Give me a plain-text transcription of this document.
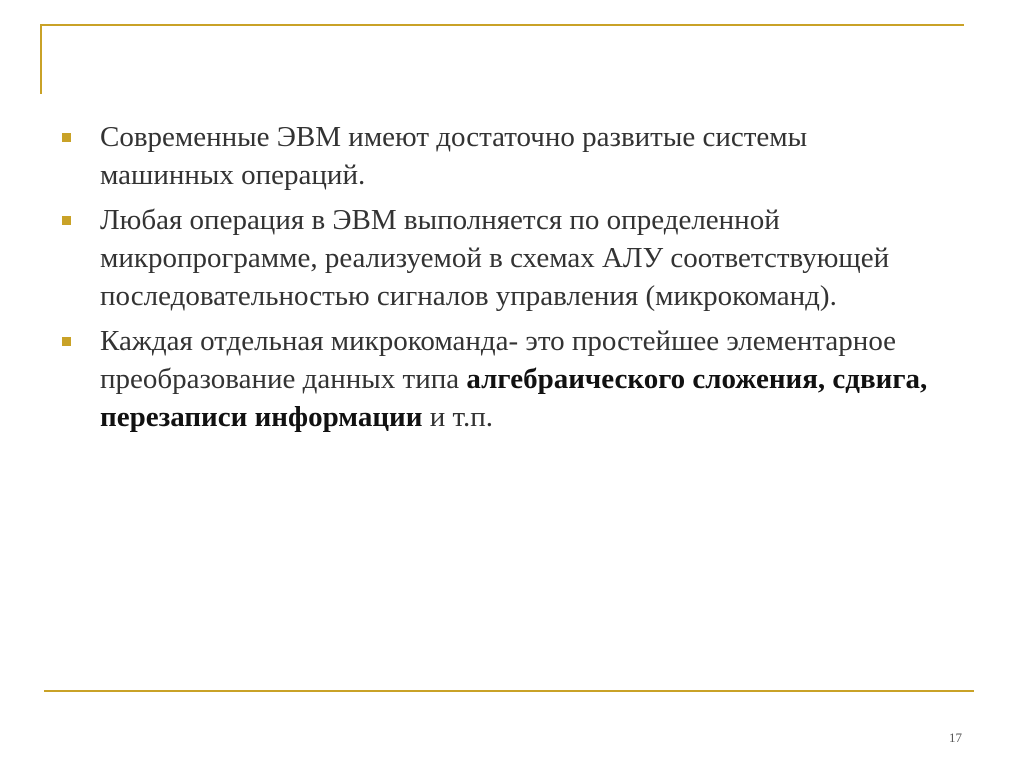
Современные ЭВМ имеют достаточно развитые системы машинных операций.
Любая операция в ЭВМ выполняется по определенной микропрограмме, реализуемой в схемах АЛУ соответствующей последовательностью сигналов управления (микрокоманд).
Каждая отдельная микрокоманда- это простейшее элементарное преобразование данных типа алгебраического сложения, сдвига, перезаписи информации и т.п.
17
